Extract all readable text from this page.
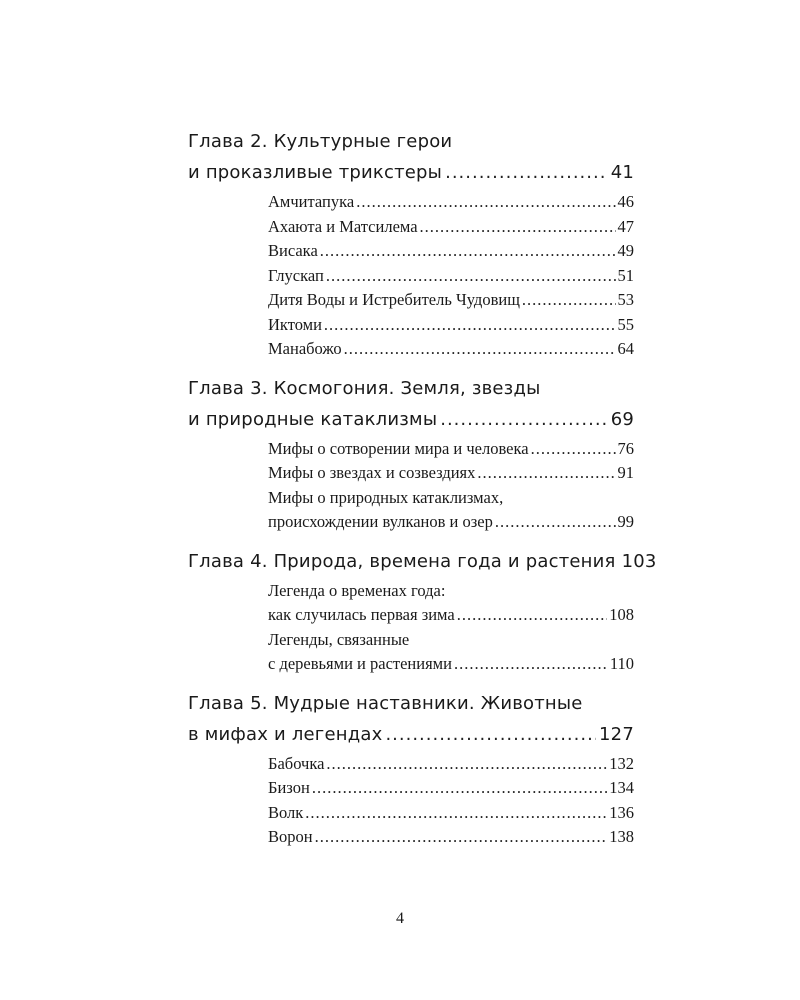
Глава 2. Культурные герои
и проказливые трикстеры .....	41
Амчитапука .....	46
Ахаюта и Матсилема .....	47
Висака .....	49
Глускап .....	51
Дитя Воды и Истребитель Чудовищ .....	53
Иктоми .....	55
Манабожо .....	64
Глава 3. Космогония. Земля, звезды
и природные катаклизмы .....	69
Мифы о сотворении мира и человека .....	76
Мифы о звездах и созвездиях .....	91
Мифы о природных катаклизмах,
происхождении вулканов и озер .....	99
Глава 4. Природа, времена года и растения 103
Легенда о временах года:
как случилась первая зима .....	108
Легенды, связанные
с деревьями и растениями .....	110
Глава 5. Мудрые наставники. Животные
в мифах и легендах .....	127
Бабочка .....	132
Бизон .....	134
Волк .....	136
Ворон .....	138
4
